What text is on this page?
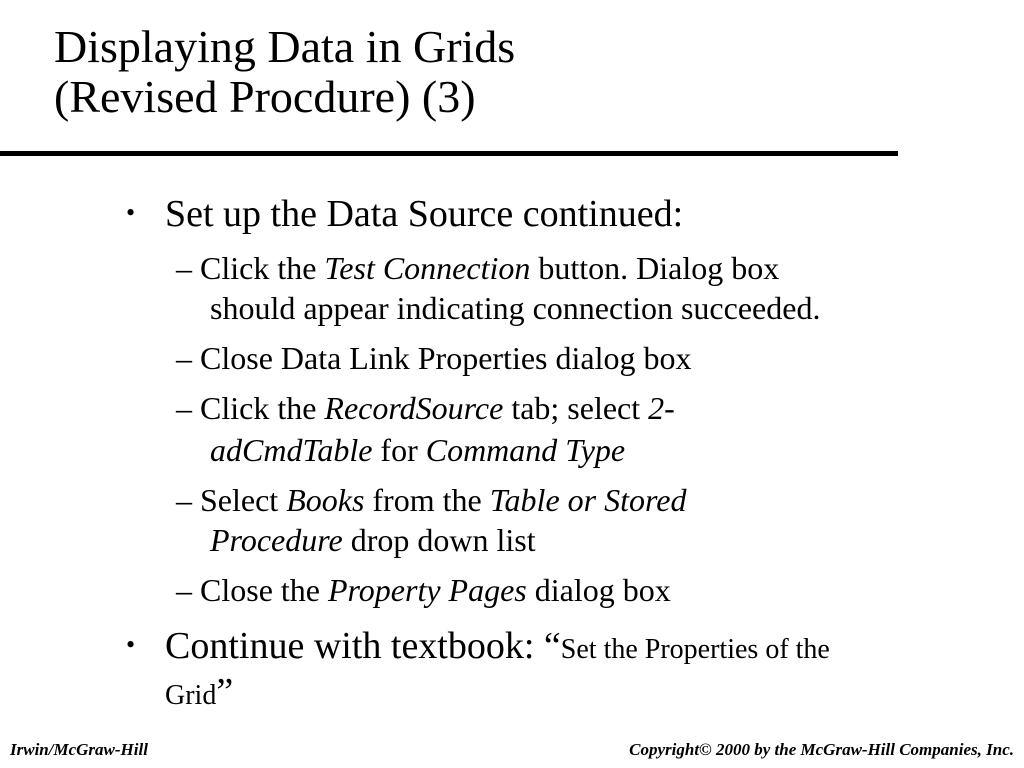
Displaying Data in Grids
(Revised Procdure) (3)
• Set up the Data Source continued:
– Click the Test Connection button. Dialog box
should appear indicating connection succeeded.
– Close Data Link Properties dialog box
– Click the RecordSource tab; select 2-
adCmdTable for Command Type
– Select Books from the Table or Stored
Procedure drop down list
– Close the Property Pages dialog box
• Continue with textbook: “Set the Properties of the
Grid”
Irwin/McGraw-Hill	Copyright© 2000 by the McGraw-Hill Companies, Inc.
